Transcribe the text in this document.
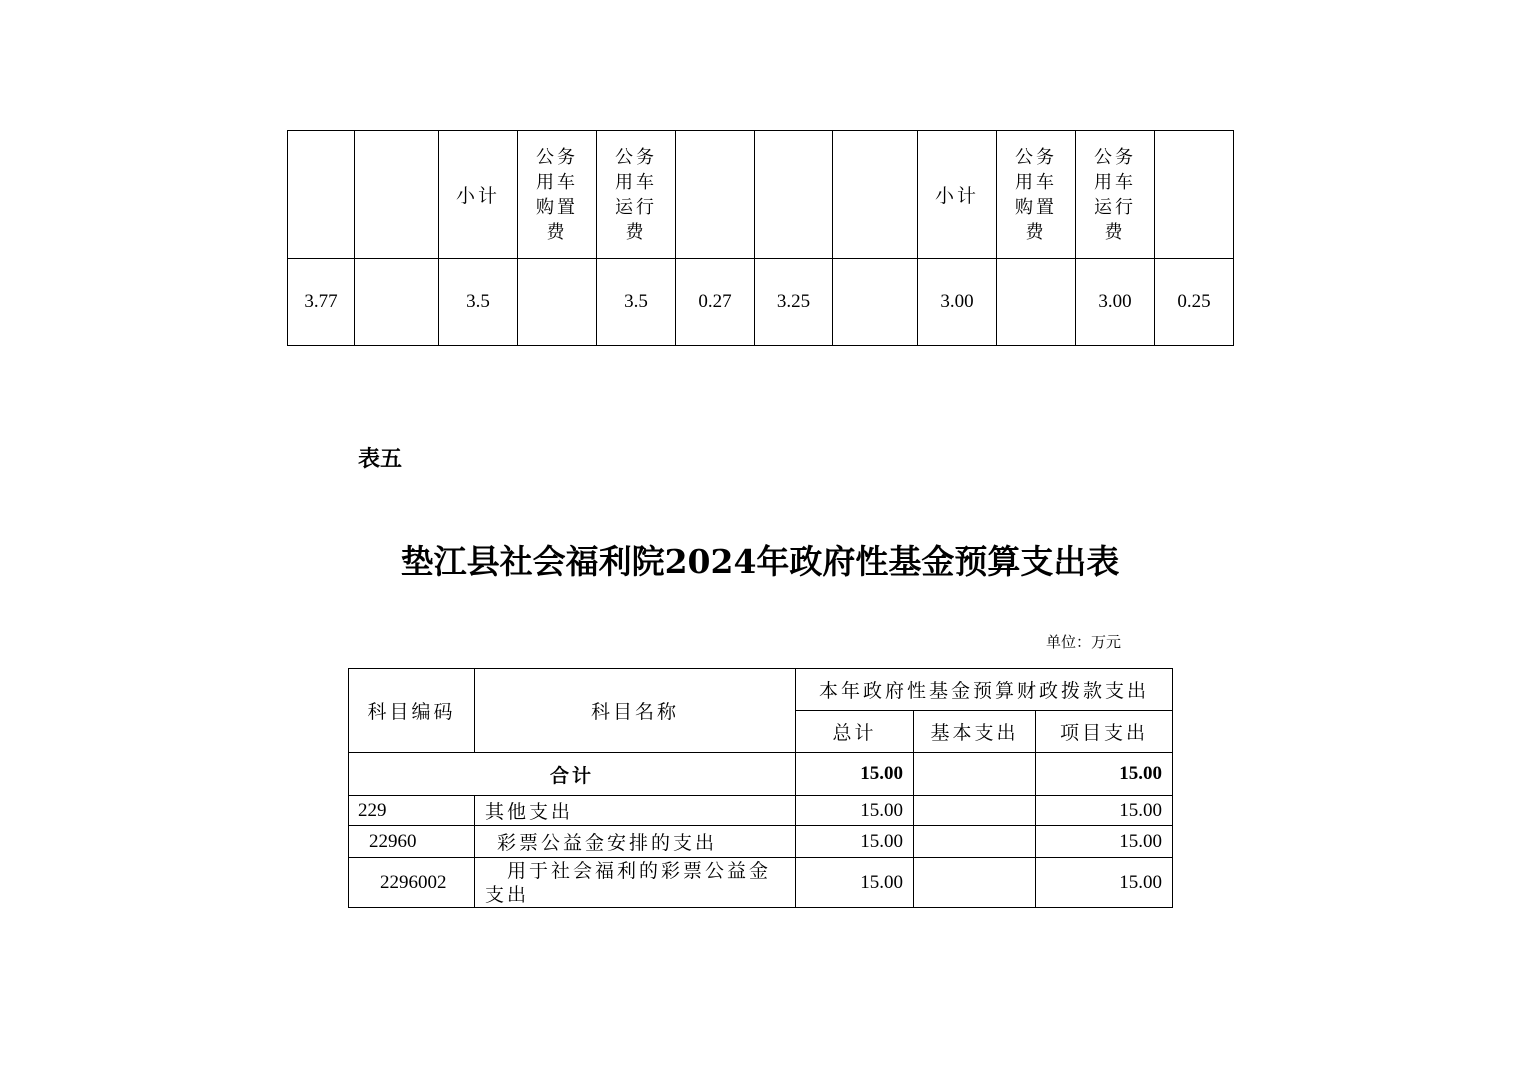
		小计	公务
用车
购置
费	公务
用车
运行
费				小计	公务
用车
购置
费	公务
用车
运行
费	

3.77		3.5		3.5	0.27	3.25		3.00		3.00	0.25
表五
垫江县社会福利院2024年政府性基金预算支出表
单位：万元
科目编码	科目名称	本年政府性基金预算财政拨款支出		
		总计	基本支出	项目支出
合计		15.00		15.00
229	其他支出	15.00		15.00
22960	彩票公益金安排的支出	15.00		15.00
2296002	用于社会福利的彩票公益金支出	15.00		15.00
